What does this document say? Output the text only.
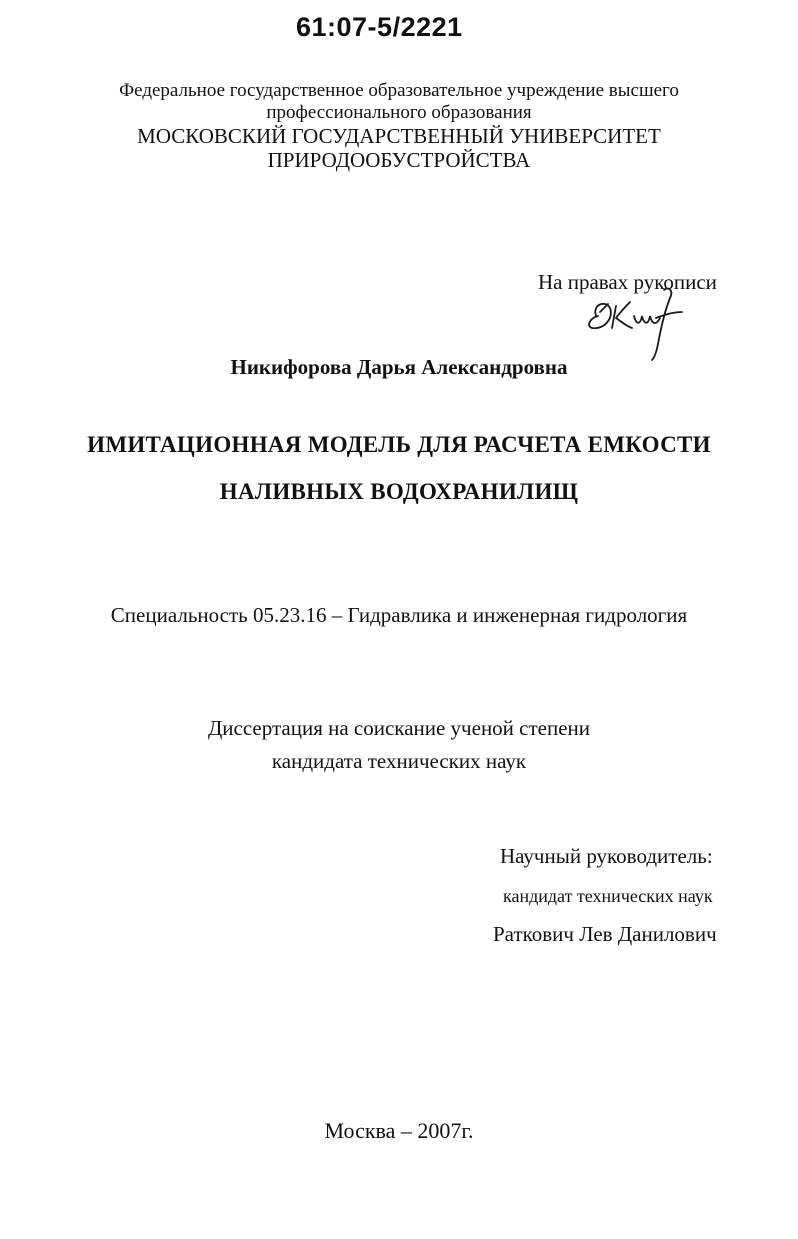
61:07-5/2221
Федеральное государственное образовательное учреждение высшего
профессионального образования
МОСКОВСКИЙ ГОСУДАРСТВЕННЫЙ УНИВЕРСИТЕТ
ПРИРОДООБУСТРОЙСТВА
На правах рукописи
Никифорова Дарья Александровна
ИМИТАЦИОННАЯ МОДЕЛЬ ДЛЯ РАСЧЕТА ЕМКОСТИ
НАЛИВНЫХ ВОДОХРАНИЛИЩ
Специальность 05.23.16 – Гидравлика и инженерная гидрология
Диссертация на соискание ученой степени
кандидата технических наук
Научный руководитель:
кандидат технических наук
Раткович Лев Данилович
Москва – 2007г.
